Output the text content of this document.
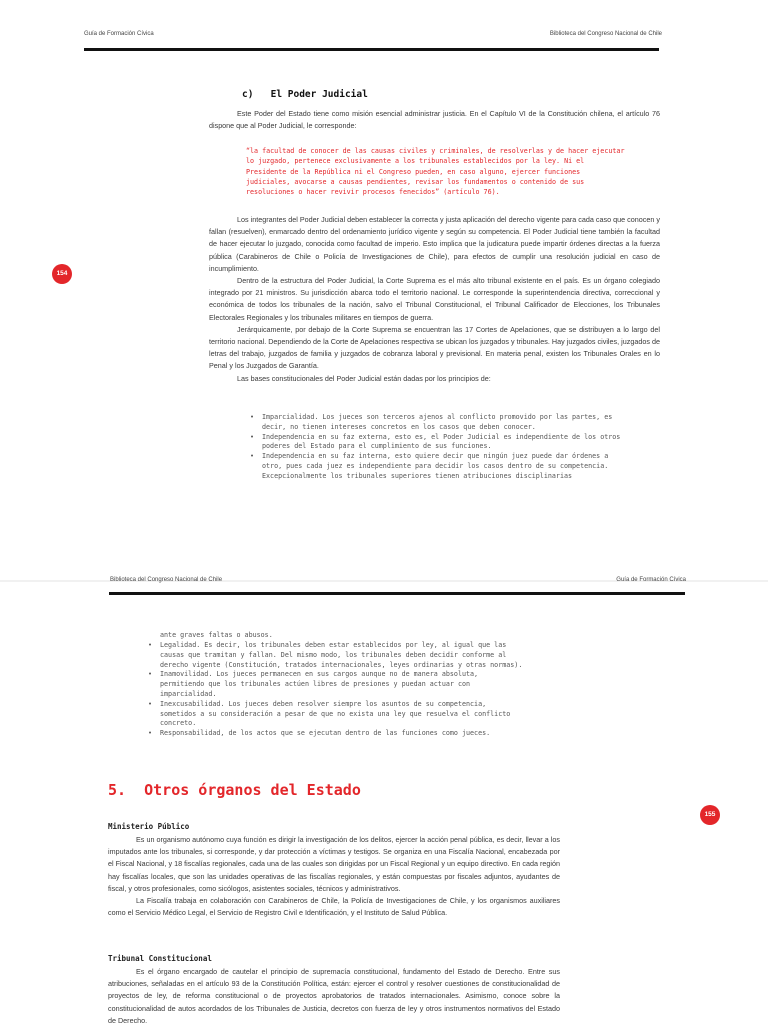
Guía de Formación Cívica	Biblioteca del Congreso Nacional de Chile
154
c)   El Poder Judicial

Este Poder del Estado tiene como misión esencial administrar justicia. En el Capítulo VI de la Constitución chilena, el artículo 76 dispone que al Poder Judicial, le corresponde:

“la facultad de conocer de las causas civiles y criminales, de resolverlas y de hacer ejecutar lo juzgado, pertenece exclusivamente a los tribunales establecidos por la ley. Ni el Presidente de la República ni el Congreso pueden, en caso alguno, ejercer funciones judiciales, avocarse a causas pendientes, revisar los fundamentos o contenido de sus resoluciones o hacer revivir procesos fenecidos” (artículo 76).

Los integrantes del Poder Judicial deben establecer la correcta y justa aplicación del derecho vigente para cada caso que conocen y fallan (resuelven), enmarcado dentro del ordenamiento jurídico vigente y según su competencia. El Poder Judicial tiene también la facultad de hacer ejecutar lo juzgado, conocida como facultad de imperio. Esto implica que la judicatura puede impartir órdenes directas a la fuerza pública (Carabineros de Chile o Policía de Investigaciones de Chile), para efectos de cumplir una resolución judicial en caso de incumplimiento.

Dentro de la estructura del Poder Judicial, la Corte Suprema es el más alto tribunal existente en el país. Es un órgano colegiado integrado por 21 ministros. Su jurisdicción abarca todo el territorio nacional. Le corresponde la superintendencia directiva, correccional y económica de todos los tribunales de la nación, salvo el Tribunal Constitucional, el Tribunal Calificador de Elecciones, los Tribunales Electorales Regionales y los tribunales militares en tiempos de guerra.

Jerárquicamente, por debajo de la Corte Suprema se encuentran las 17 Cortes de Apelaciones, que se distribuyen a lo largo del territorio nacional. Dependiendo de la Corte de Apelaciones respectiva se ubican los juzgados y tribunales. Hay juzgados civiles, juzgados de letras del trabajo, juzgados de familia y juzgados de cobranza laboral y previsional. En materia penal, existen los Tribunales Orales en lo Penal y los Juzgados de Garantía.

Las bases constitucionales del Poder Judicial están dadas por los principios de:

• Imparcialidad. Los jueces son terceros ajenos al conflicto promovido por las partes, es decir, no tienen intereses concretos en los casos que deben conocer.
• Independencia en su faz externa, esto es, el Poder Judicial es independiente de los otros poderes del Estado para el cumplimiento de sus funciones.
• Independencia en su faz interna, esto quiere decir que ningún juez puede dar órdenes a otro, pues cada juez es independiente para decidir los casos dentro de su competencia. Excepcionalmente los tribunales superiores tienen atribuciones disciplinarias
Biblioteca del Congreso Nacional de Chile	Guía de Formación Cívica
ante graves faltas o abusos.
• Legalidad. Es decir, los tribunales deben estar establecidos por ley, al igual que las causas que tramitan y fallan. Del mismo modo, los tribunales deben decidir conforme al derecho vigente (Constitución, tratados internacionales, leyes ordinarias y otras normas).
• Inamovilidad. Los jueces permanecen en sus cargos aunque no de manera absoluta, permitiendo que los tribunales actúen libres de presiones y puedan actuar con imparcialidad.
• Inexcusabilidad. Los jueces deben resolver siempre los asuntos de su competencia, sometidos a su consideración a pesar de que no exista una ley que resuelva el conflicto concreto.
• Responsabilidad, de los actos que se ejecutan dentro de las funciones como jueces.
5.  Otros órganos del Estado
155
Ministerio Público

Es un organismo autónomo cuya función es dirigir la investigación de los delitos, ejercer la acción penal pública, es decir, llevar a los imputados ante los tribunales, si corresponde, y dar protección a víctimas y testigos. Se organiza en una Fiscalía Nacional, encabezada por el Fiscal Nacional, y 18 fiscalías regionales, cada una de las cuales son dirigidas por un Fiscal Regional y un equipo directivo. En cada región hay fiscalías locales, que son las unidades operativas de las fiscalías regionales, y están compuestas por fiscales adjuntos, ayudantes de fiscal, y otros profesionales, como sicólogos, asistentes sociales, técnicos y administrativos.

La Fiscalía trabaja en colaboración con Carabineros de Chile, la Policía de Investigaciones de Chile, y los organismos auxiliares como el Servicio Médico Legal, el Servicio de Registro Civil e Identificación, y el Instituto de Salud Pública.

Tribunal Constitucional

Es el órgano encargado de cautelar el principio de supremacía constitucional, fundamento del Estado de Derecho. Entre sus atribuciones, señaladas en el artículo 93 de la Constitución Política, están: ejercer el control y resolver cuestiones de constitucionalidad de proyectos de ley, de reforma constitucional o de proyectos aprobatorios de tratados internacionales. Asimismo, conoce sobre la constitucionalidad de autos acordados de los Tribunales de Justicia, decretos con fuerza de ley y otros instrumentos normativos del Estado de Derecho.
